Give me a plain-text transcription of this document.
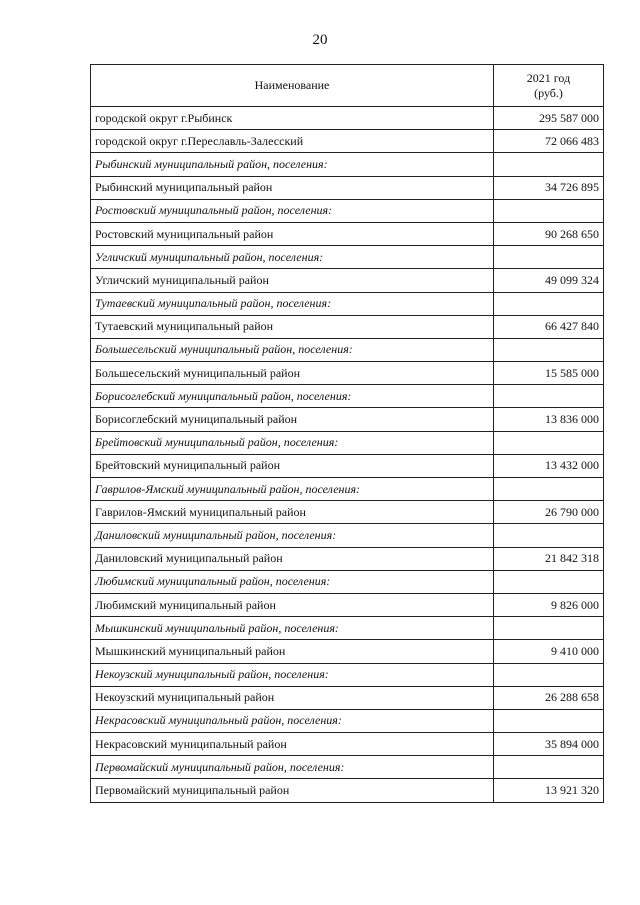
20
Наименование	2021 год
(руб.)

городской округ г.Рыбинск	295 587 000
городской округ г.Переславль-Залесский	72 066 483
Рыбинский муниципальный район, поселения:	
Рыбинский муниципальный район	34 726 895
Ростовский муниципальный район, поселения:	
Ростовский муниципальный район	90 268 650
Угличский муниципальный район, поселения:	
Угличский муниципальный район	49 099 324
Тутаевский муниципальный район, поселения:	
Тутаевский муниципальный район	66 427 840
Большесельский муниципальный район, поселения:	
Большесельский муниципальный район	15 585 000
Борисоглебский муниципальный район, поселения:	
Борисоглебский муниципальный район	13 836 000
Брейтовский муниципальный район, поселения:	
Брейтовский муниципальный район	13 432 000
Гаврилов-Ямский муниципальный район, поселения:	
Гаврилов-Ямский муниципальный район	26 790 000
Даниловский муниципальный район, поселения:	
Даниловский муниципальный район	21 842 318
Любимский муниципальный район, поселения:	
Любимский муниципальный район	9 826 000
Мышкинский муниципальный район, поселения:	
Мышкинский муниципальный район	9 410 000
Некоузский муниципальный район, поселения:	
Некоузский муниципальный район	26 288 658
Некрасовский муниципальный район, поселения:	
Некрасовский муниципальный район	35 894 000
Первомайский муниципальный район, поселения:	
Первомайский муниципальный район	13 921 320
